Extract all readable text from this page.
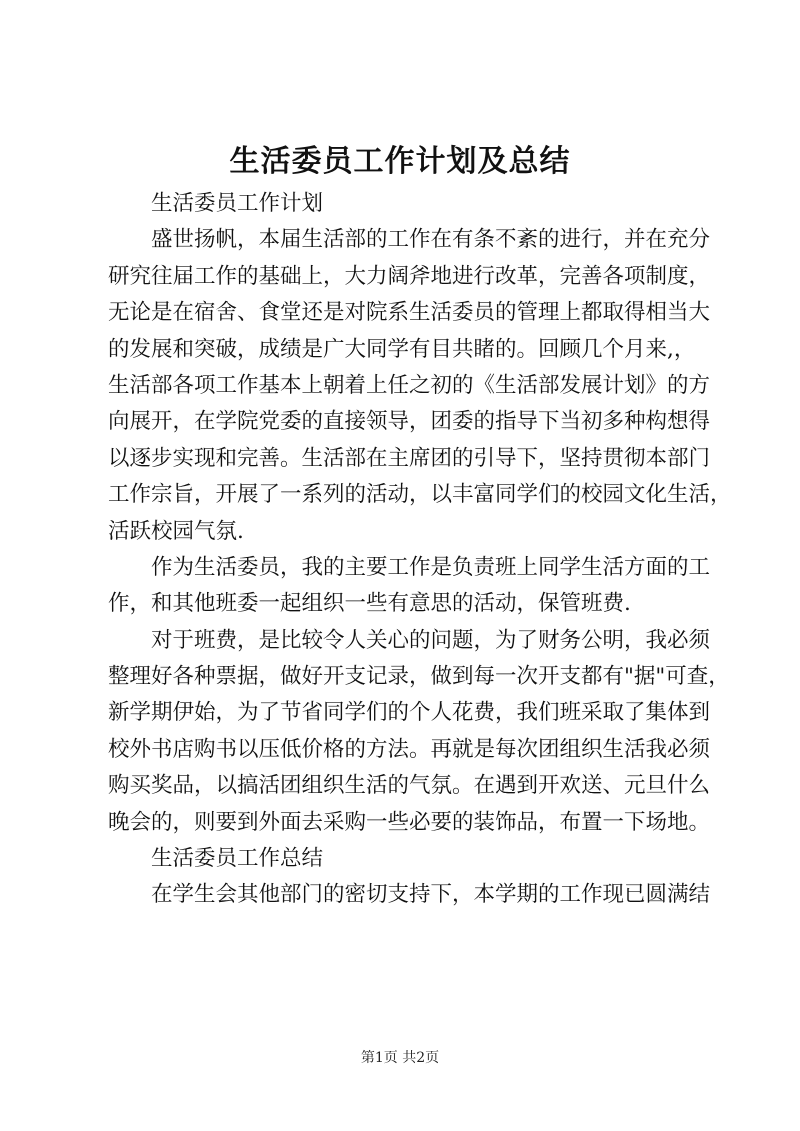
生活委员工作计划及总结
生活委员工作计划
盛世扬帆，本届生活部的工作在有条不紊的进行，并在充分
研究往届工作的基础上，大力阔斧地进行改革，完善各项制度，
无论是在宿舍、食堂还是对院系生活委员的管理上都取得相当大
的发展和突破，成绩是广大同学有目共睹的。回顾几个月来,，
生活部各项工作基本上朝着上任之初的《生活部发展计划》的方
向展开，在学院党委的直接领导，团委的指导下当初多种构想得
以逐步实现和完善。生活部在主席团的引导下，坚持贯彻本部门
工作宗旨，开展了一系列的活动，以丰富同学们的校园文化生活，
活跃校园气氛.
作为生活委员，我的主要工作是负责班上同学生活方面的工
作，和其他班委一起组织一些有意思的活动，保管班费.
对于班费，是比较令人关心的问题，为了财务公明，我必须
整理好各种票据，做好开支记录，做到每一次开支都有"据"可查，
新学期伊始，为了节省同学们的个人花费，我们班采取了集体到
校外书店购书以压低价格的方法。再就是每次团组织生活我必须
购买奖品，以搞活团组织生活的气氛。在遇到开欢送、元旦什么
晚会的，则要到外面去采购一些必要的装饰品，布置一下场地。
生活委员工作总结
在学生会其他部门的密切支持下，本学期的工作现已圆满结
第1页 共2页
